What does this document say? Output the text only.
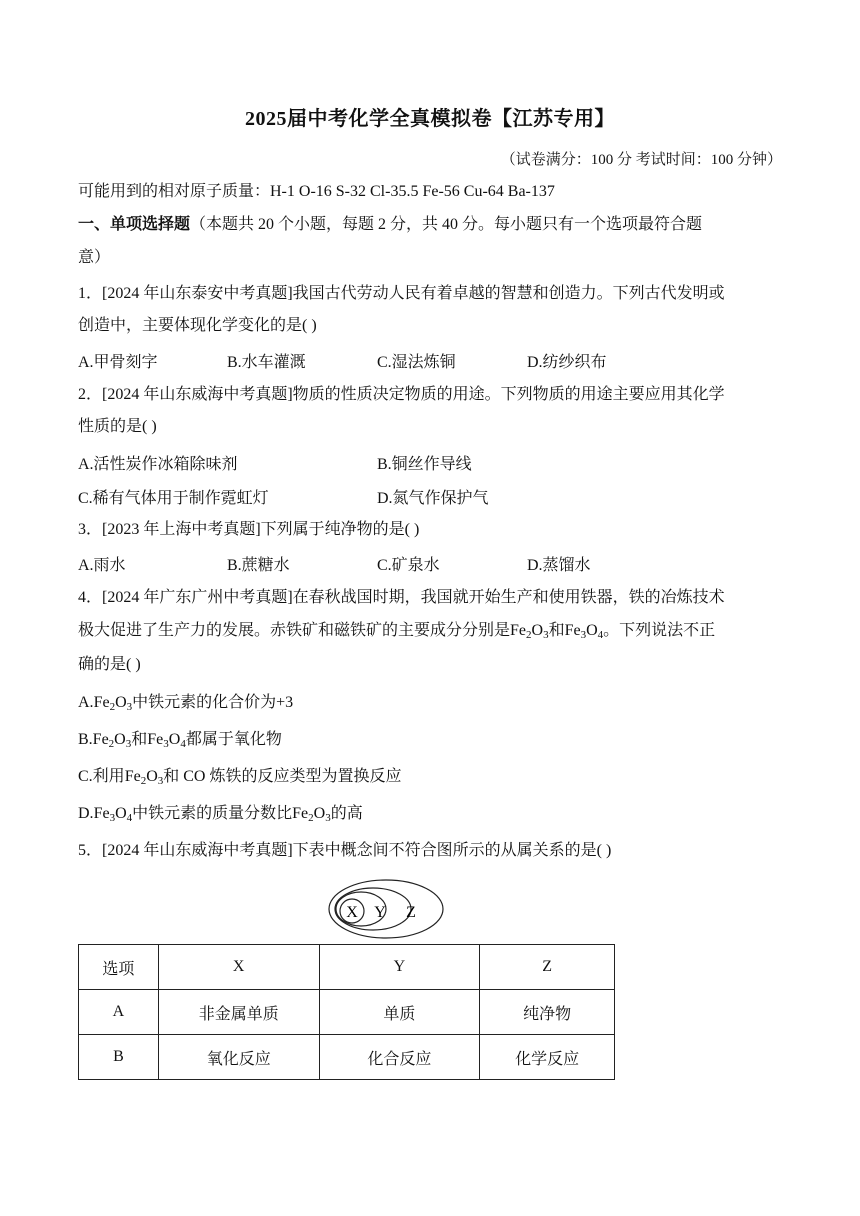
2025届中考化学全真模拟卷【江苏专用】
（试卷满分：100 分 考试时间：100 分钟）
可能用到的相对原子质量：H-1 O-16 S-32 Cl-35.5 Fe-56 Cu-64 Ba-137
一、单项选择题（本题共 20 个小题，每题 2 分，共 40 分。每小题只有一个选项最符合题
意）
1．[2024 年山东泰安中考真题]我国古代劳动人民有着卓越的智慧和创造力。下列古代发明或
创造中，主要体现化学变化的是( )
A.甲骨刻字	B.水车灌溉	C.湿法炼铜	D.纺纱织布
2．[2024 年山东威海中考真题]物质的性质决定物质的用途。下列物质的用途主要应用其化学
性质的是( )
A.活性炭作冰箱除味剂	B.铜丝作导线
C.稀有气体用于制作霓虹灯	D.氮气作保护气
3．[2023 年上海中考真题]下列属于纯净物的是( )
A.雨水	B.蔗糖水	C.矿泉水	D.蒸馏水
4．[2024 年广东广州中考真题]在春秋战国时期，我国就开始生产和使用铁器，铁的冶炼技术
极大促进了生产力的发展。赤铁矿和磁铁矿的主要成分分别是$Fe_2O_3$和$Fe_3O_4$。下列说法不正
确的是( )
$A.Fe_2O_3$中铁元素的化合价为+3
$B.Fe_2O_3$和$Fe_3O_4$都属于氧化物
C.利用$Fe_2O_3$和 CO 炼铁的反应类型为置换反应
$D.Fe_3O_4$中铁元素的质量分数比$Fe_2O_3$的高
5．[2024 年山东威海中考真题]下表中概念间不符合图所示的从属关系的是( )
X Y Z
选项	X	Y	Z
A	非金属单质	单质	纯净物
B	氧化反应	化合反应	化学反应
